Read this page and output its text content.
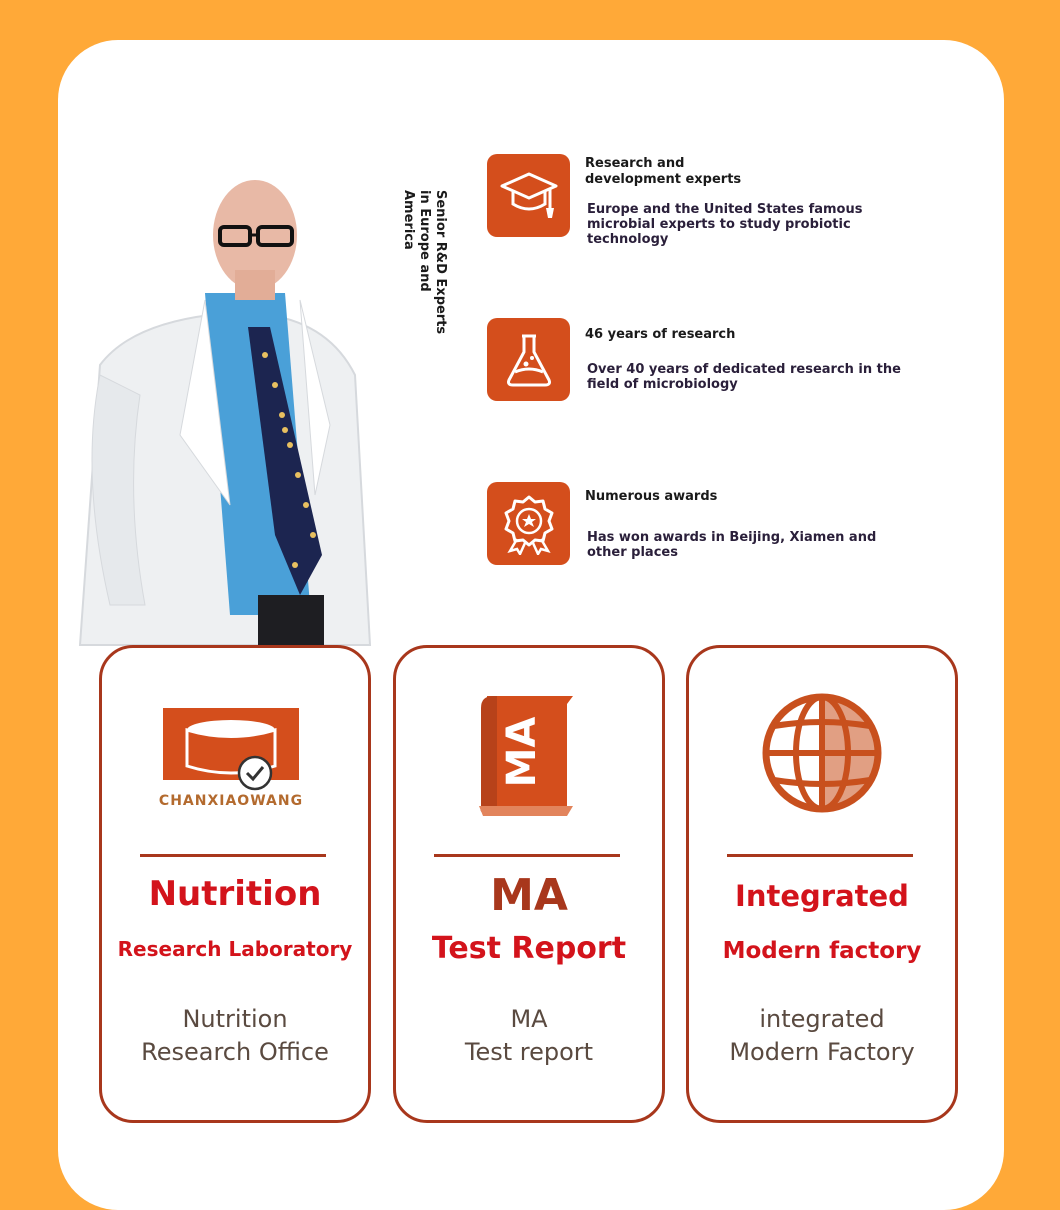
Senior R&D Experts in Europe and America
Research and development experts
Europe and the United States famous microbial experts to study probiotic technology
46 years of research
Over 40 years of dedicated research in the field of microbiology
Numerous awards
Has won awards in Beijing, Xiamen and other places
CHANXIAOWANG
Nutrition
Research Laboratory
Nutrition
Research Office
MA
MA
Test Report
MA
Test report
Integrated
Modern factory
integrated
Modern Factory
